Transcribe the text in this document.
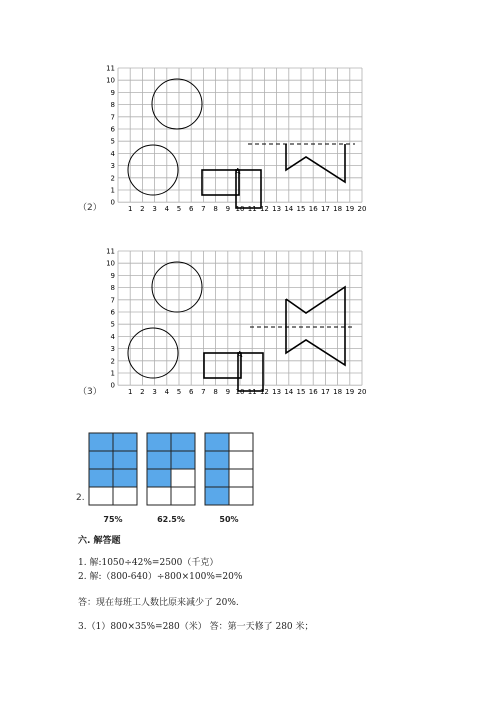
（2）	1 2 3 4 5 6 7 8 9 10 11 12 13 14 15 16 17 18 19 20
0
1
2
3
4
5
6
7
8
9
10
11
A
（3）	1 2 3 4 5 6 7 8 9 10 11 12 13 14 15 16 17 18 19 20
0
1
2
3
4
5
6
7
8
9
10
11
A
2.
75%	62.5%	50%
六. 解答题
1. 解:1050÷42%=2500（千克）
2. 解:（800-640）÷800×100%=20%
答：现在每班工人数比原来减少了 20%.
3.（1）800×35%=280（米） 答：第一天修了 280 米；
